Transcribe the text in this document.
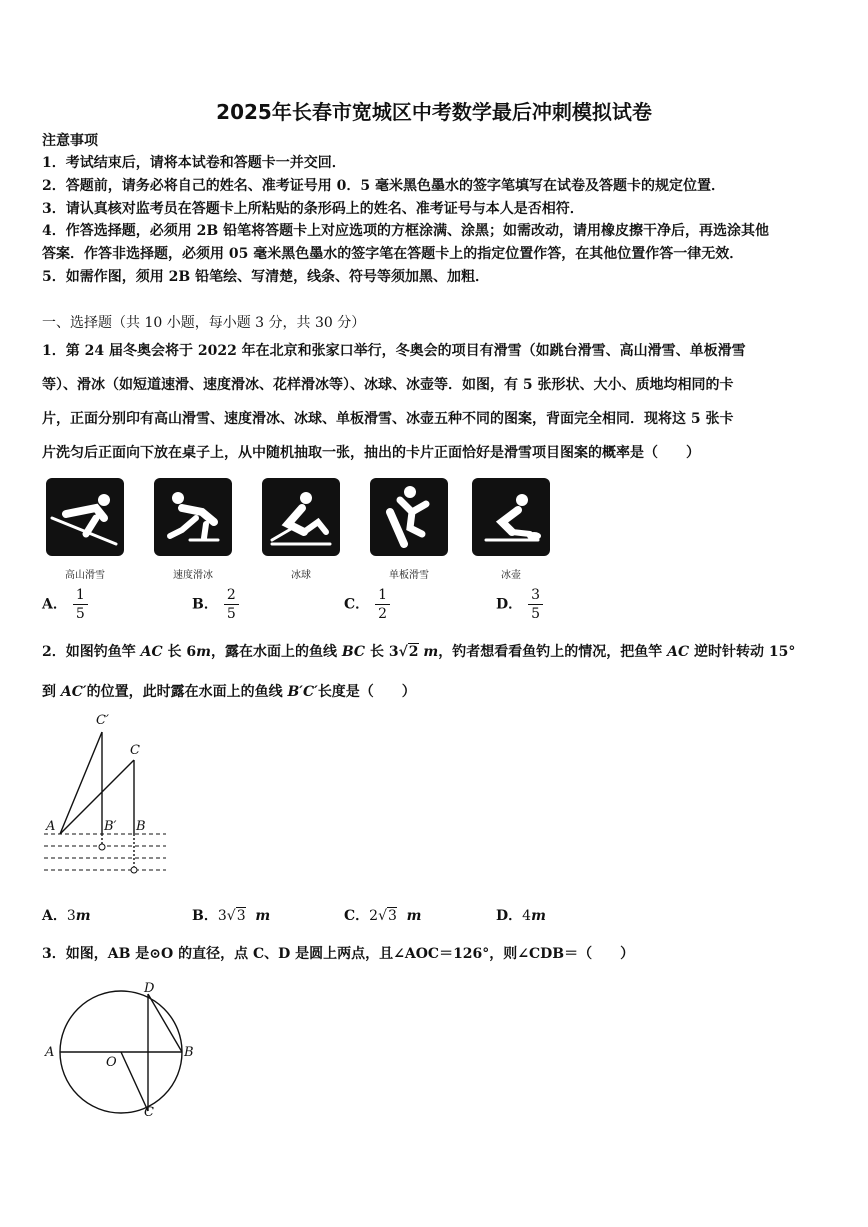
2025年长春市宽城区中考数学最后冲刺模拟试卷
注意事项
1．考试结束后，请将本试卷和答题卡一并交回．
2．答题前，请务必将自己的姓名、准考证号用 0．5 毫米黑色墨水的签字笔填写在试卷及答题卡的规定位置．
3．请认真核对监考员在答题卡上所粘贴的条形码上的姓名、准考证号与本人是否相符．
4．作答选择题，必须用 2B 铅笔将答题卡上对应选项的方框涂满、涂黑；如需改动，请用橡皮擦干净后，再选涂其他
答案．作答非选择题，必须用 05 毫米黑色墨水的签字笔在答题卡上的指定位置作答，在其他位置作答一律无效．
5．如需作图，须用 2B 铅笔绘、写清楚，线条、符号等须加黑、加粗．
一、选择题（共 10 小题，每小题 3 分，共 30 分）
1．第 24 届冬奥会将于 2022 年在北京和张家口举行，冬奥会的项目有滑雪（如跳台滑雪、高山滑雪、单板滑雪
等）、滑冰（如短道速滑、速度滑冰、花样滑冰等）、冰球、冰壶等．如图，有 5 张形状、大小、质地均相同的卡
片，正面分别印有高山滑雪、速度滑冰、冰球、单板滑雪、冰壶五种不同的图案，背面完全相同．现将这 5 张卡
片洗匀后正面向下放在桌子上，从中随机抽取一张，抽出的卡片正面恰好是滑雪项目图案的概率是（　　）
高山滑雪	速度滑冰	冰球	单板滑雪	冰壶
A． $\frac{1}{5}$	B． $\frac{2}{5}$	C． $\frac{1}{2}$	D． $\frac{3}{5}$
2．如图钓鱼竿 AC 长 6m，露在水面上的鱼线 BC 长 3√2 m，钓者想看看鱼钓上的情况，把鱼竿 AC 逆时针转动 15°
到 AC′的位置，此时露在水面上的鱼线 B′C′长度是（　　）
C′
C
A	B′ B
A．3m	B．3√3 m	C．2√3 m	D．4m
3．如图，AB 是⊙O 的直径，点 C、D 是圆上两点，且∠AOC＝126°，则∠CDB＝（　　）
A	B
C
D
O
